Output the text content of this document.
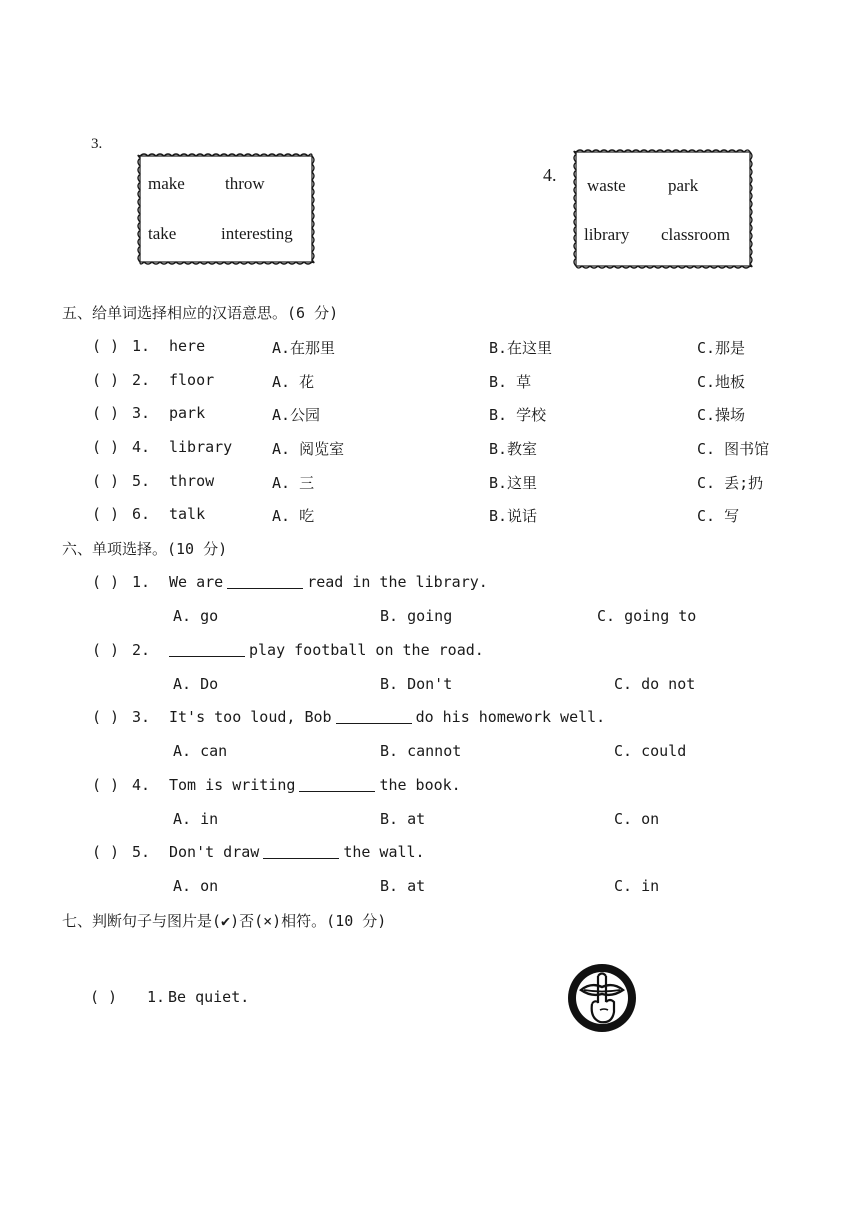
3.
make throw
take	interesting
4.
waste park
library classroom
五、给单词选择相应的汉语意思。(6 分)
( ) 1. here	A.在那里	B.在这里	C.那是
( ) 2. floor	A. 花	B. 草	C.地板
( ) 3. park	A.公园	B. 学校	C.操场
( ) 4. library	A. 阅览室	B.教室	C. 图书馆
( ) 5. throw	A. 三	B.这里	C. 丢;扔
( ) 6. talk	A. 吃	B.说话	C. 写
六、单项选择。(10 分)
( ) 1. We are	read in the library.
A. go	B. going	C. going to
( ) 2.	play football on the road.
A. Do	B. Don't	C. do not
( ) 3. It's too loud, Bob	do his homework well.
A. can	B. cannot	C. could
( ) 4. Tom is writing	the book.
A. in	B. at	C. on
( ) 5. Don't draw	the wall.
A. on	B. at	C. in
七、判断句子与图片是(✔)否(×)相符。(10 分)
( ) 1. Be quiet.
